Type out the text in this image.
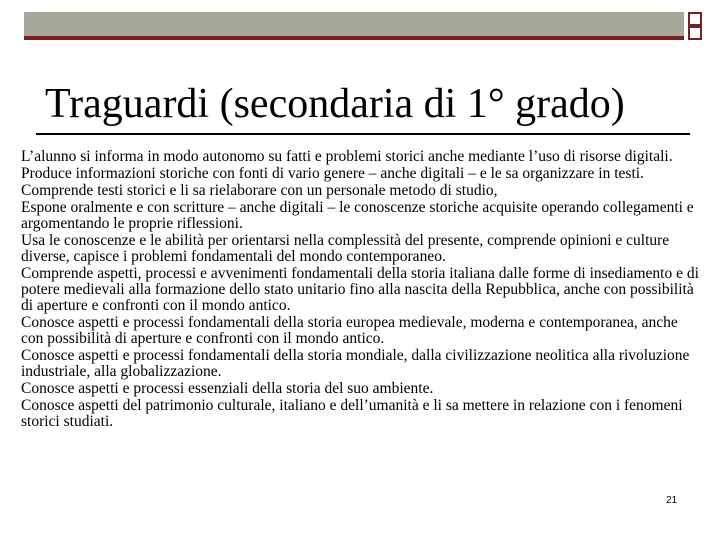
Traguardi (secondaria di 1° grado)

L’alunno si informa in modo autonomo su fatti e problemi storici anche mediante l’uso di risorse digitali.

Produce informazioni storiche con fonti di vario genere – anche digitali – e le sa organizzare in testi.

Comprende testi storici e li sa rielaborare con un personale metodo di studio,

Espone oralmente e con scritture – anche digitali – le conoscenze storiche acquisite operando collegamenti e argomentando le proprie riflessioni.

Usa le conoscenze e le abilità per orientarsi nella complessità del presente, comprende opinioni e culture diverse, capisce i problemi fondamentali del mondo contemporaneo.

Comprende aspetti, processi e avvenimenti fondamentali della storia italiana dalle forme di insediamento e di potere medievali alla formazione dello stato unitario fino alla nascita della Repubblica, anche con possibilità di aperture e confronti con il mondo antico.

Conosce aspetti e processi fondamentali della storia europea medievale, moderna e contemporanea, anche con possibilità di aperture e confronti con il mondo antico.

Conosce aspetti e processi fondamentali della storia mondiale, dalla civilizzazione neolitica alla rivoluzione industriale, alla globalizzazione.

Conosce aspetti e processi essenziali della storia del suo ambiente.

Conosce aspetti del patrimonio culturale, italiano e dell’umanità e li sa mettere in relazione con i fenomeni storici studiati.

21
